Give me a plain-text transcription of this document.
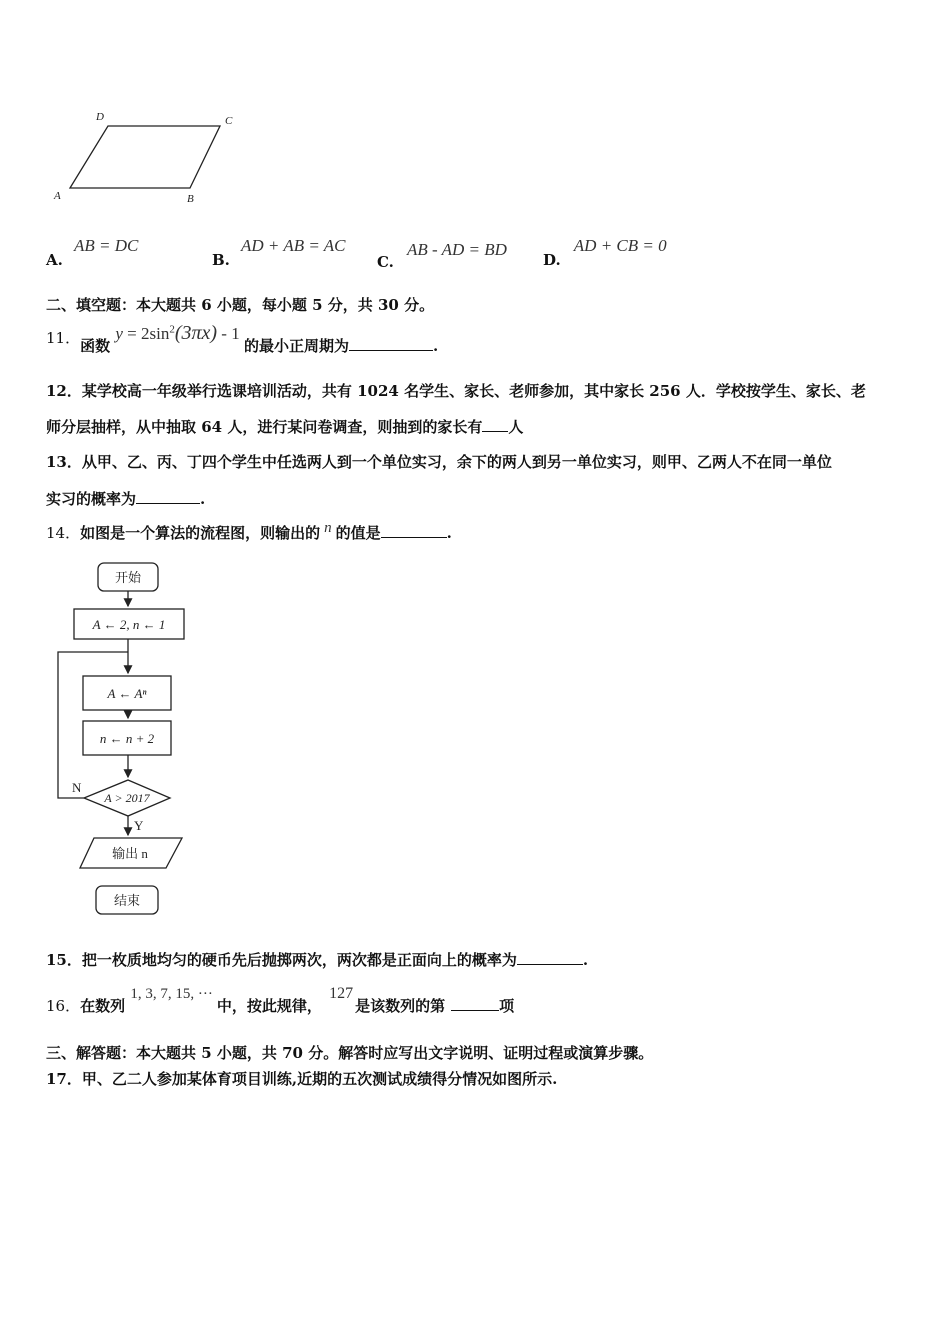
D	C
A	B
A. AB = DC
B. AD + AB = AC
C. AB - AD = BD
D. AD + CB = 0
二、填空题：本大题共 6 小题，每小题 5 分，共 30 分。
11．函数 $y = 2\sin^2(3\pi x) - 1$ 的最小正周期为	.
12．某学校高一年级举行选课培训活动，共有 1024 名学生、家长、老师参加，其中家长 256 人．学校按学生、家长、老
师分层抽样，从中抽取 64 人，进行某问卷调查，则抽到的家长有 人
13．从甲、乙、丙、丁四个学生中任选两人到一个单位实习，余下的两人到另一单位实习，则甲、乙两人不在同一单位
实习的概率为	.
14．如图是一个算法的流程图，则输出的 n 的值是	.
开始
A ← 2, n ← 1
A ← Aⁿ
n ← n + 2
A > 2017
N
Y
输出 n
结束
15．把一枚质地均匀的硬币先后抛掷两次，两次都是正面向上的概率为	.
16．在数列 1, 3, 7, 15, ···中，按此规律， 127是该数列的第	项
三、解答题：本大题共 5 小题，共 70 分。解答时应写出文字说明、证明过程或演算步骤。
17．甲、乙二人参加某体育项目训练,近期的五次测试成绩得分情况如图所示.
